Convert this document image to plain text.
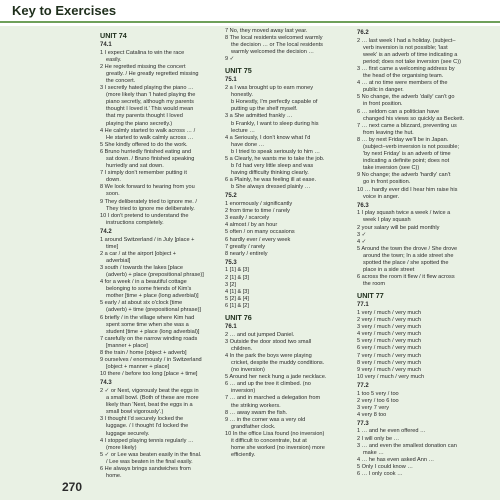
Key to Exercises
UNIT 74
74.1
1 I expect Catalina to win the race
easily.
2 He regretted missing the concert
greatly. / He greatly regretted missing
the concert.
3 I secretly hated playing the piano …
(more likely than 'I hated playing the
piano secretly, although my parents
thought I loved it.' This would mean
that my parents thought I loved
playing the piano secretly.)
4 He calmly started to walk across … /
He started to walk calmly across …
5 She kindly offered to do the work.
6 Bruno hurriedly finished eating and
sat down. / Bruno finished speaking
hurriedly and sat down.
7 I simply don't remember putting it
down.
8 We look forward to hearing from you
soon.
9 They deliberately tried to ignore me. /
They tried to ignore me deliberately.
10 I don't pretend to understand the
instructions completely.
74.2
1 around Switzerland / in July [place +
time]
2 a car / at the airport [object +
adverbial]
3 south / towards the lakes [place
(adverb) + place (prepositional phrase)]
4 for a week / in a beautiful cottage
belonging to some friends of Kim's
mother [time + place (long adverbial)]
5 early / at about six o'clock [time
(adverb) + time (prepositional phrase)]
6 briefly / in the village where Kim had
spent some time when she was a
student [time + place (long adverbial)]
7 carefully on the narrow winding roads
[manner + place]
8 the train / home [object + adverb]
9 ourselves / enormously / in Switzerland
[object + manner + place]
10 there / before too long [place + time]
74.3
2 ✓ or Next, vigorously beat the eggs in
a small bowl. (Both of these are more
likely than 'Next, beat the eggs in a
small bowl vigorously'.)
3 I thought I'd securely locked the
luggage. / I thought I'd locked the
luggage securely.
4 I stopped playing tennis regularly …
(more likely)
5 ✓ or Lee was beaten easily in the final.
/ Lee was beaten in the final easily.
6 He always brings sandwiches from
home.
7 No, they moved away last year.
8 The local residents welcomed warmly
the decision … or The local residents
warmly welcomed the decision …
9 ✓
UNIT 75
75.1
2 a I was brought up to earn money
honestly.
b Honestly, I'm perfectly capable of
putting up the shelf myself.
3 a She admitted frankly …
b Frankly, I want to sleep during his
lecture …
4 a Seriously, I don't know what I'd
have done …
b I tried to speak seriously to him …
5 a Clearly, he wants me to take the job.
b I'd had very little sleep and was
having difficulty thinking clearly.
6 a Plainly, he was feeling ill at ease.
b She always dressed plainly …
75.2
1 enormously / significantly
2 from time to time / rarely
3 easily / scarcely
4 almost / by an hour
5 often / on many occasions
6 hardly ever / every week
7 greatly / rarely
8 nearly / entirely
75.3
1 [1] & [3]
2 [1] & [3]
3 [2]
4 [1] & [3]
5 [2] & [4]
6 [1] & [2]
UNIT 76
76.1
2 … and out jumped Daniel.
3 Outside the door stood two small
children.
4 In the park the boys were playing
cricket, despite the muddy conditions.
(no inversion)
5 Around her neck hung a jade necklace.
6 … and up the tree it climbed. (no
inversion)
7 … and in marched a delegation from
the striking workers.
8 … away swam the fish.
9 … in the corner was a very old
grandfather clock.
10 In the office Lisa found (no inversion)
it difficult to concentrate, but at
home she worked (no inversion) more
efficiently.
76.2
2 … last week I had a holiday. (subject–
verb inversion is not possible; 'last
week' is an adverb of time indicating a
period; does not take inversion (see C))
3 … first came a welcoming address by
the head of the organising team.
4 … at no time were members of the
public in danger.
5 No change, the adverb 'daily' can't go
in front position.
6 … seldom can a politician have
changed his views so quickly as Beckett.
7 … next came a blizzard, preventing us
from leaving the hut.
8 … by next Friday we'll be in Japan.
(subject–verb inversion is not possible;
'by next Friday' is an adverb of time
indicating a definite point; does not
take inversion (see C))
9 No change; the adverb 'hardly' can't
go in front position.
10 … hardly ever did I hear him raise his
voice in anger.
76.3
1 I play squash twice a week / twice a
week I play squash
2 your salary will be paid monthly
3 ✓
4 ✓
5 Around the town the drove / She drove
around the town; In a side street she
spotted the place / she spotted the
place in a side street
6 across the room it flew / it flew across
the room
UNIT 77
77.1
1 very / much / very much
2 very / much / very much
3 very / much / very much
4 very / much / very much
5 very / much / very much
6 very / much / very much
7 very / much / very much
8 very / much / very much
9 very / much / very much
10 very / much / very much
77.2
1 too 5 very / too
2 very / too 6 too
3 very 7 very
4 very 8 too
77.3
1 … and he even offered …
2 I will only be …
3 … and even the smallest donation can
make …
4 … he has even asked Ann …
5 Only I could know …
6 … I only cook …
270
